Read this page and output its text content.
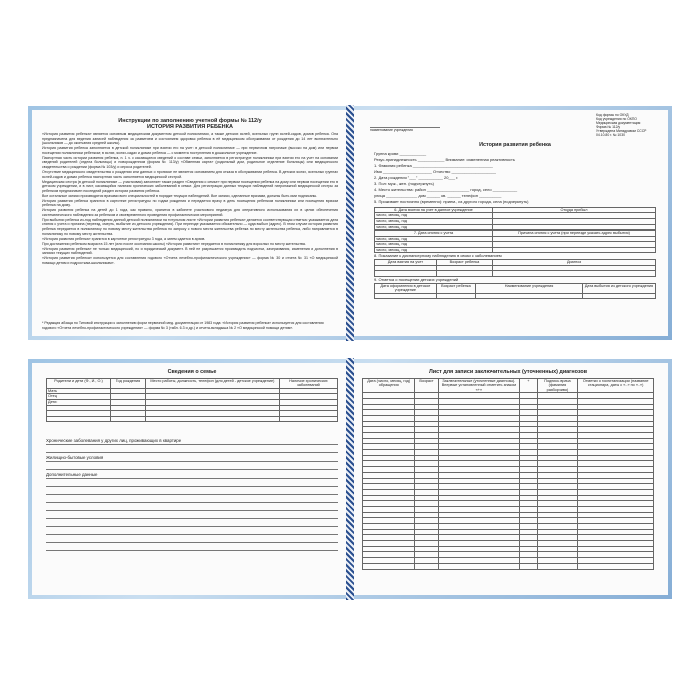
Инструкции по заполнению учетной формы № 112/у
ИСТОРИЯ РАЗВИТИЯ РЕБЕНКА
«История развития ребенка» является основным медицинским документом детской поликлиники, а также детских яслей, ясельных групп яслей-садов, домов ребенка. Она предназначена для ведения записей наблюдения за развитием и состоянием здоровья ребенка в её медицинском обслуживании от рождения до 14 лет включительно (школьников — до окончания средней школы).
История развития ребенка заполняется в детской поликлинике при взятии его на учет: в детской поликлинике — при первичном патронаже (высоко на дом) или первом посещении поликлиники ребенком; в яслях, яслях-садах и домах ребенка — с момента поступления в дошкольное учреждение.
Паспортная часть истории развития ребенка, п. 1 ч. с касающиеся сведений о составе семьи, заполняется в регистратуре поликлиники при взятии его на учет на основании сведений родителей (отдела больницы) и новорожденном (форма № 113/у) «Обменная карта» (родильный дом, родильное отделение больницы) или медицинского свидетельства о рождении (форма № 103/у) и опроса родителей.
Отсутствие медицинского свидетельства о рождении или данных о прописке не является основанием для отказа в обслуживании ребенка. В детских яслях, ясельных группах яслей-садов и домах ребенка паспортная часть заполняется медицинской сестрой.
Медицинская сестра (в детской поликлинике — участковая) заполняет также раздел «Сведения о семье» при первом посещении ребенка на дому или первом посещении его в детском учреждении, и в лист, касающийся наличия хронических заболеваний в семье. Для регистрации данных текущих наблюдений патронажной медицинской сестры за ребенком предназначен последний раздел истории развития ребенка.
Все остальные записи производятся врачами всех специальностей в порядке текущих наблюдений. Все записи, сделанные врачами, должны быть ими подписаны.
История развития ребенка хранится в картотеке регистратуры по годам рождения и передается врачу в день посещения ребенком поликлиники или посещения врачом ребенка на дому.
История развития ребенка на детей до 1 года, как правило, хранится в кабинете участкового педиатра для оперативного использования их в целях обеспечения систематического наблюдения за ребенком и своевременного проведения профилактических мероприятий.
При выбытии ребенка из-под наблюдения данной детской поликлиники на титульном листе «Истории развития ребенка» делается соответствующая отметка: указывается дата снятия с учета и причина (переезд, смерть, выбытие из детского учреждения). При переезде указывается обязательно — куда выбыл (адрес). В этом случае история развития ребенка передается в поликлинику по новому месту жительства ребенка по запросу с нового места жительства ребенка по месту жительства ребенка, либо направляется в поликлинику по новому месту жительства.
«История развития ребенка» хранится в картотеке регистратуры 3 года, а затем сдается в архив.
При достижении ребенком возраста 15 лет (или после окончания школы) «История развития» передается в поликлинику для взрослых по месту жительства.
«История развития ребенка» не только медицинский, но и юридический документ. В ней не разрешается производить подчистки, зачеркивания, изменения и дополнения в записях текущих наблюдений.
«История развития ребенка» используется для составления годового «Отчета лечебно-профилактического учреждения» — форма № 30 и отчета № 31 «О медицинской помощи детям и подросткам-школьникам».
* Редакция абзаца по Типовой инструкции к заполнению форм первичной мед. документации от 1983 года: «История развития ребенка» используется для составления годового «Отчета лечебно-профилактического учреждения» — форма № 3 (табл. 6.3 и др.) и отчета-вкладыша № 2 «О медицинской помощи детям».
наименование учреждения
Код формы по ОКУД
Код учреждения по ОКПО
Медицинская документация
Форма № 112/у
Утверждена Минздравом СССР
04.10.80 г. № 1030
История развития ребенка
Группа крови ____________
Резус-принадлежность ____________ Внимание: измененная реактивность
1. Фамилия ребенка ____________________________________
Имя ______________________ Отчество ____________________
2. Дата рождения "___" ___________ 20___ г.
3. Пол: муж., жен. (подчеркнуть)
4. Место жительства: район ___________________ город, село ___________
улица ______________ дом ______ кв. ______ телефон __________
5. Проживает постоянно (временно): прием., из другого города, села (подчеркнуть)
6. Дата взятия на учет в данное учреждение	Откуда прибыл
число, месяц, год	
число, месяц, год	
число, месяц, год	
7. Дата снятия с учета	Причина снятия с учета (при переезде указать адрес выбытия)
число, месяц, год	
число, месяц, год	
число, месяц, год	
8. Показание к диспансерному наблюдению в связи с заболеванием
Дата взятия на учет	Возраст ребенка	Диагноз

9. Отметка о посещении детских учреждений
Дата оформления в детское учреждение	Возраст ребенка	Наименование учреждения	Дата выбытия из детского учреждения

Сведения о семье
Родители и дети (Ф., И., О.)	Год рождения	Место работы, должность, телефон (для детей - детское учреждение)	Наличие хронических заболеваний
Мать			
Отец			
Дети:			

Хронические заболевания у других лиц, проживающих в квартире
Жилищно-бытовые условия
Дополнительные данные
Лист для записи заключительных (уточненных) диагнозов
Дата (число, месяц, год) обращения	Возраст	Заключительные (уточненные диагнозы). Впервые установленный отметить знаком «+»	+	Подпись врача (фамилия разборчиво)	Отметки о госпитализации (название стационара, даты с «..» по «..»)
